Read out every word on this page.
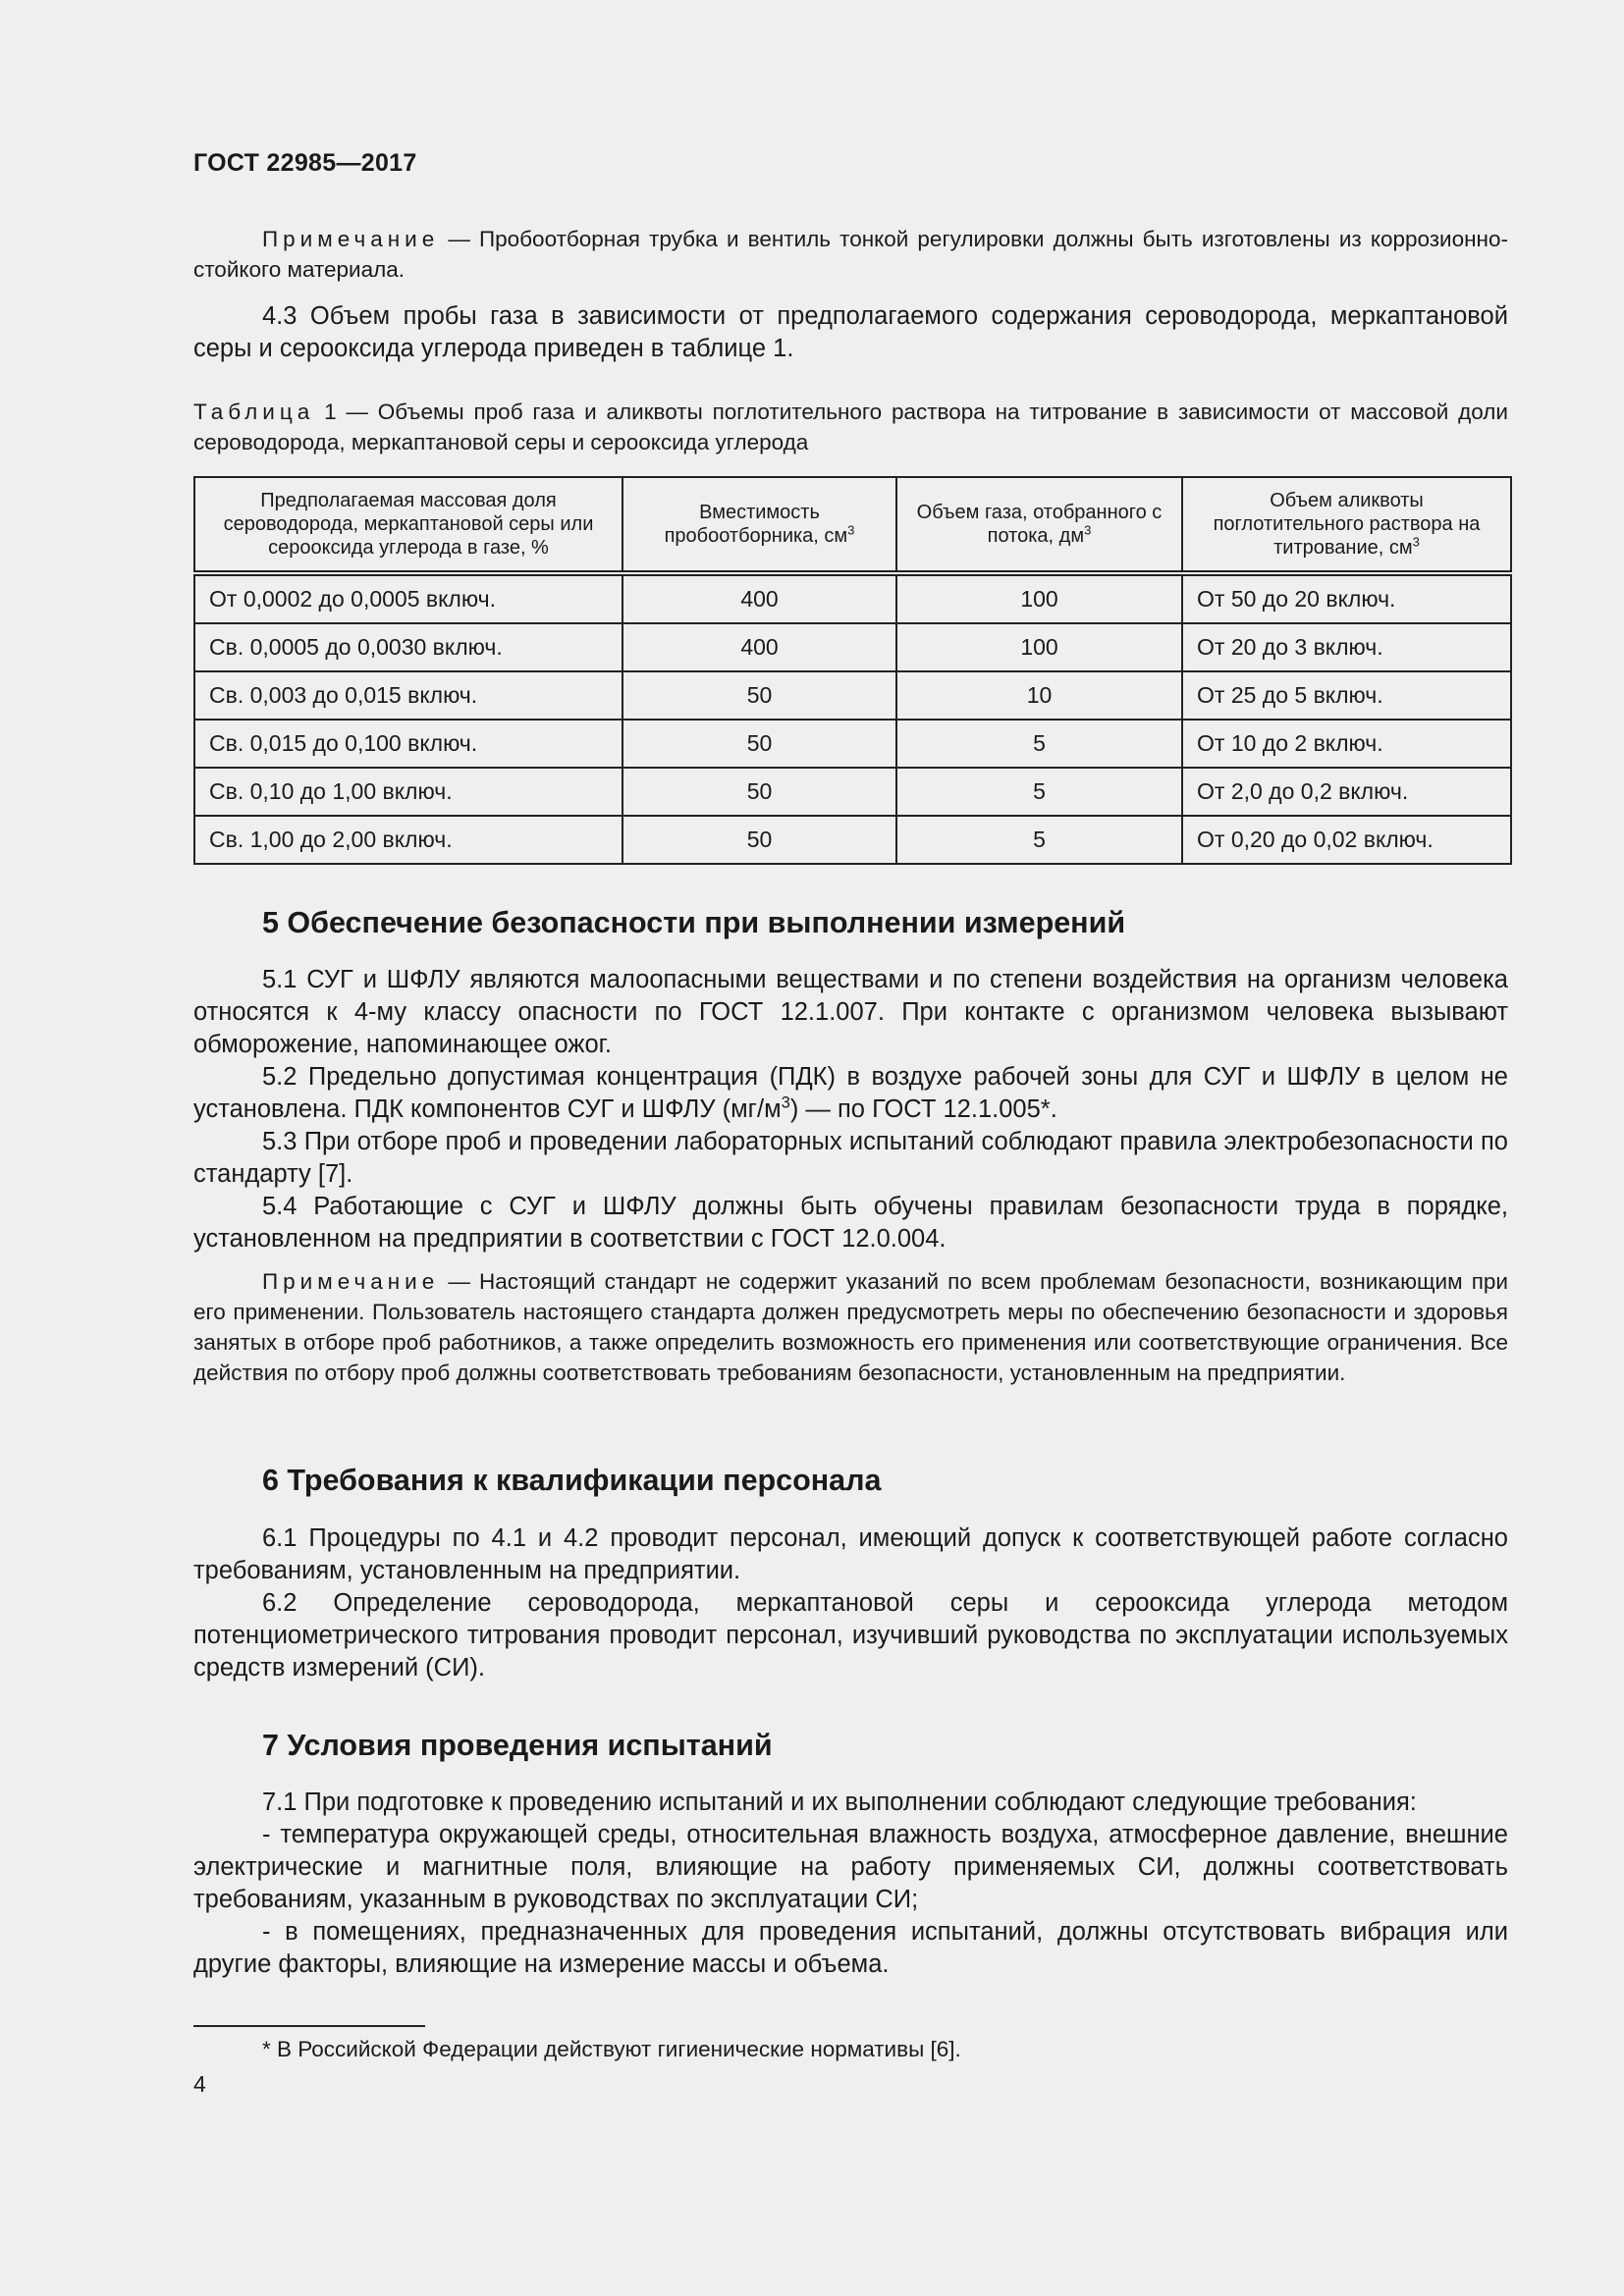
ГОСТ 22985—2017

Примечание — Пробоотборная трубка и вентиль тонкой регулировки должны быть изготовлены из коррозионно-стойкого материала.

4.3 Объем пробы газа в зависимости от предполагаемого содержания сероводорода, меркаптановой серы и серооксида углерода приведен в таблице 1.

Таблица 1 — Объемы проб газа и аликвоты поглотительного раствора на титрование в зависимости от массовой доли сероводорода, меркаптановой серы и серооксида углерода

Предполагаемая массовая доля сероводорода, меркаптановой серы или серооксида углерода в газе, %	Вместимость пробоотборника, $см^3$	Объем газа, отобранного с потока, $дм^3$	Объем аликвоты поглотительного раствора на титрование, $см^3$
От 0,0002 до 0,0005 включ.	400	100	От 50 до 20 включ.
Св. 0,0005 до 0,0030 включ.	400	100	От 20 до 3 включ.
Св. 0,003 до 0,015 включ.	50	10	От 25 до 5 включ.
Св. 0,015 до 0,100 включ.	50	5	От 10 до 2 включ.
Св. 0,10 до 1,00 включ.	50	5	От 2,0 до 0,2 включ.
Св. 1,00 до 2,00 включ.	50	5	От 0,20 до 0,02 включ.
5 Обеспечение безопасности при выполнении измерений

5.1 СУГ и ШФЛУ являются малоопасными веществами и по степени воздействия на организм человека относятся к 4-му классу опасности по ГОСТ 12.1.007. При контакте с организмом человека вызывают обморожение, напоминающее ожог.

5.2 Предельно допустимая концентрация (ПДК) в воздухе рабочей зоны для СУГ и ШФЛУ в целом не установлена. ПДК компонентов СУГ и ШФЛУ $(мг/м^3)$ — по ГОСТ 12.1.005*.

5.3 При отборе проб и проведении лабораторных испытаний соблюдают правила электробезопасности по стандарту [7].

5.4 Работающие с СУГ и ШФЛУ должны быть обучены правилам безопасности труда в порядке, установленном на предприятии в соответствии с ГОСТ 12.0.004.

Примечание — Настоящий стандарт не содержит указаний по всем проблемам безопасности, возникающим при его применении. Пользователь настоящего стандарта должен предусмотреть меры по обеспечению безопасности и здоровья занятых в отборе проб работников, а также определить возможность его применения или соответствующие ограничения. Все действия по отбору проб должны соответствовать требованиям безопасности, установленным на предприятии.

6 Требования к квалификации персонала

6.1 Процедуры по 4.1 и 4.2 проводит персонал, имеющий допуск к соответствующей работе согласно требованиям, установленным на предприятии.

6.2 Определение сероводорода, меркаптановой серы и серооксида углерода методом потенциометрического титрования проводит персонал, изучивший руководства по эксплуатации используемых средств измерений (СИ).

7 Условия проведения испытаний

7.1 При подготовке к проведению испытаний и их выполнении соблюдают следующие требования:

- температура окружающей среды, относительная влажность воздуха, атмосферное давление, внешние электрические и магнитные поля, влияющие на работу применяемых СИ, должны соответствовать требованиям, указанным в руководствах по эксплуатации СИ;

- в помещениях, предназначенных для проведения испытаний, должны отсутствовать вибрация или другие факторы, влияющие на измерение массы и объема.

* В Российской Федерации действуют гигиенические нормативы [6].
4
